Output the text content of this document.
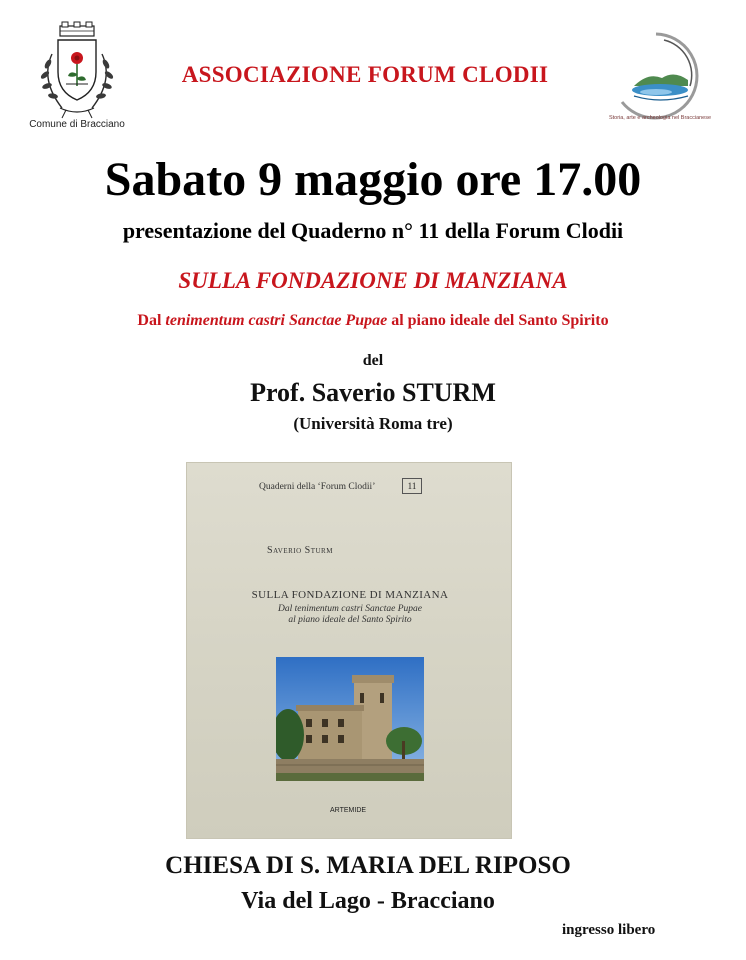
Comune di Bracciano
ASSOCIAZIONE FORUM CLODII
Storia, arte e archeologia nel Braccianese
Sabato 9 maggio ore 17.00
presentazione del Quaderno n° 11 della Forum Clodii
SULLA FONDAZIONE DI MANZIANA
Dal tenimentum castri Sanctae Pupae al piano ideale del Santo Spirito
del
Prof. Saverio STURM
(Università Roma tre)
Quaderni della ‘Forum Clodii’	11
Saverio Sturm
SULLA FONDAZIONE DI MANZIANA
Dal tenimentum castri Sanctae Pupae
al piano ideale del Santo Spirito
ARTEMIDE
CHIESA DI S. MARIA DEL RIPOSO
Via del Lago - Bracciano
ingresso libero
